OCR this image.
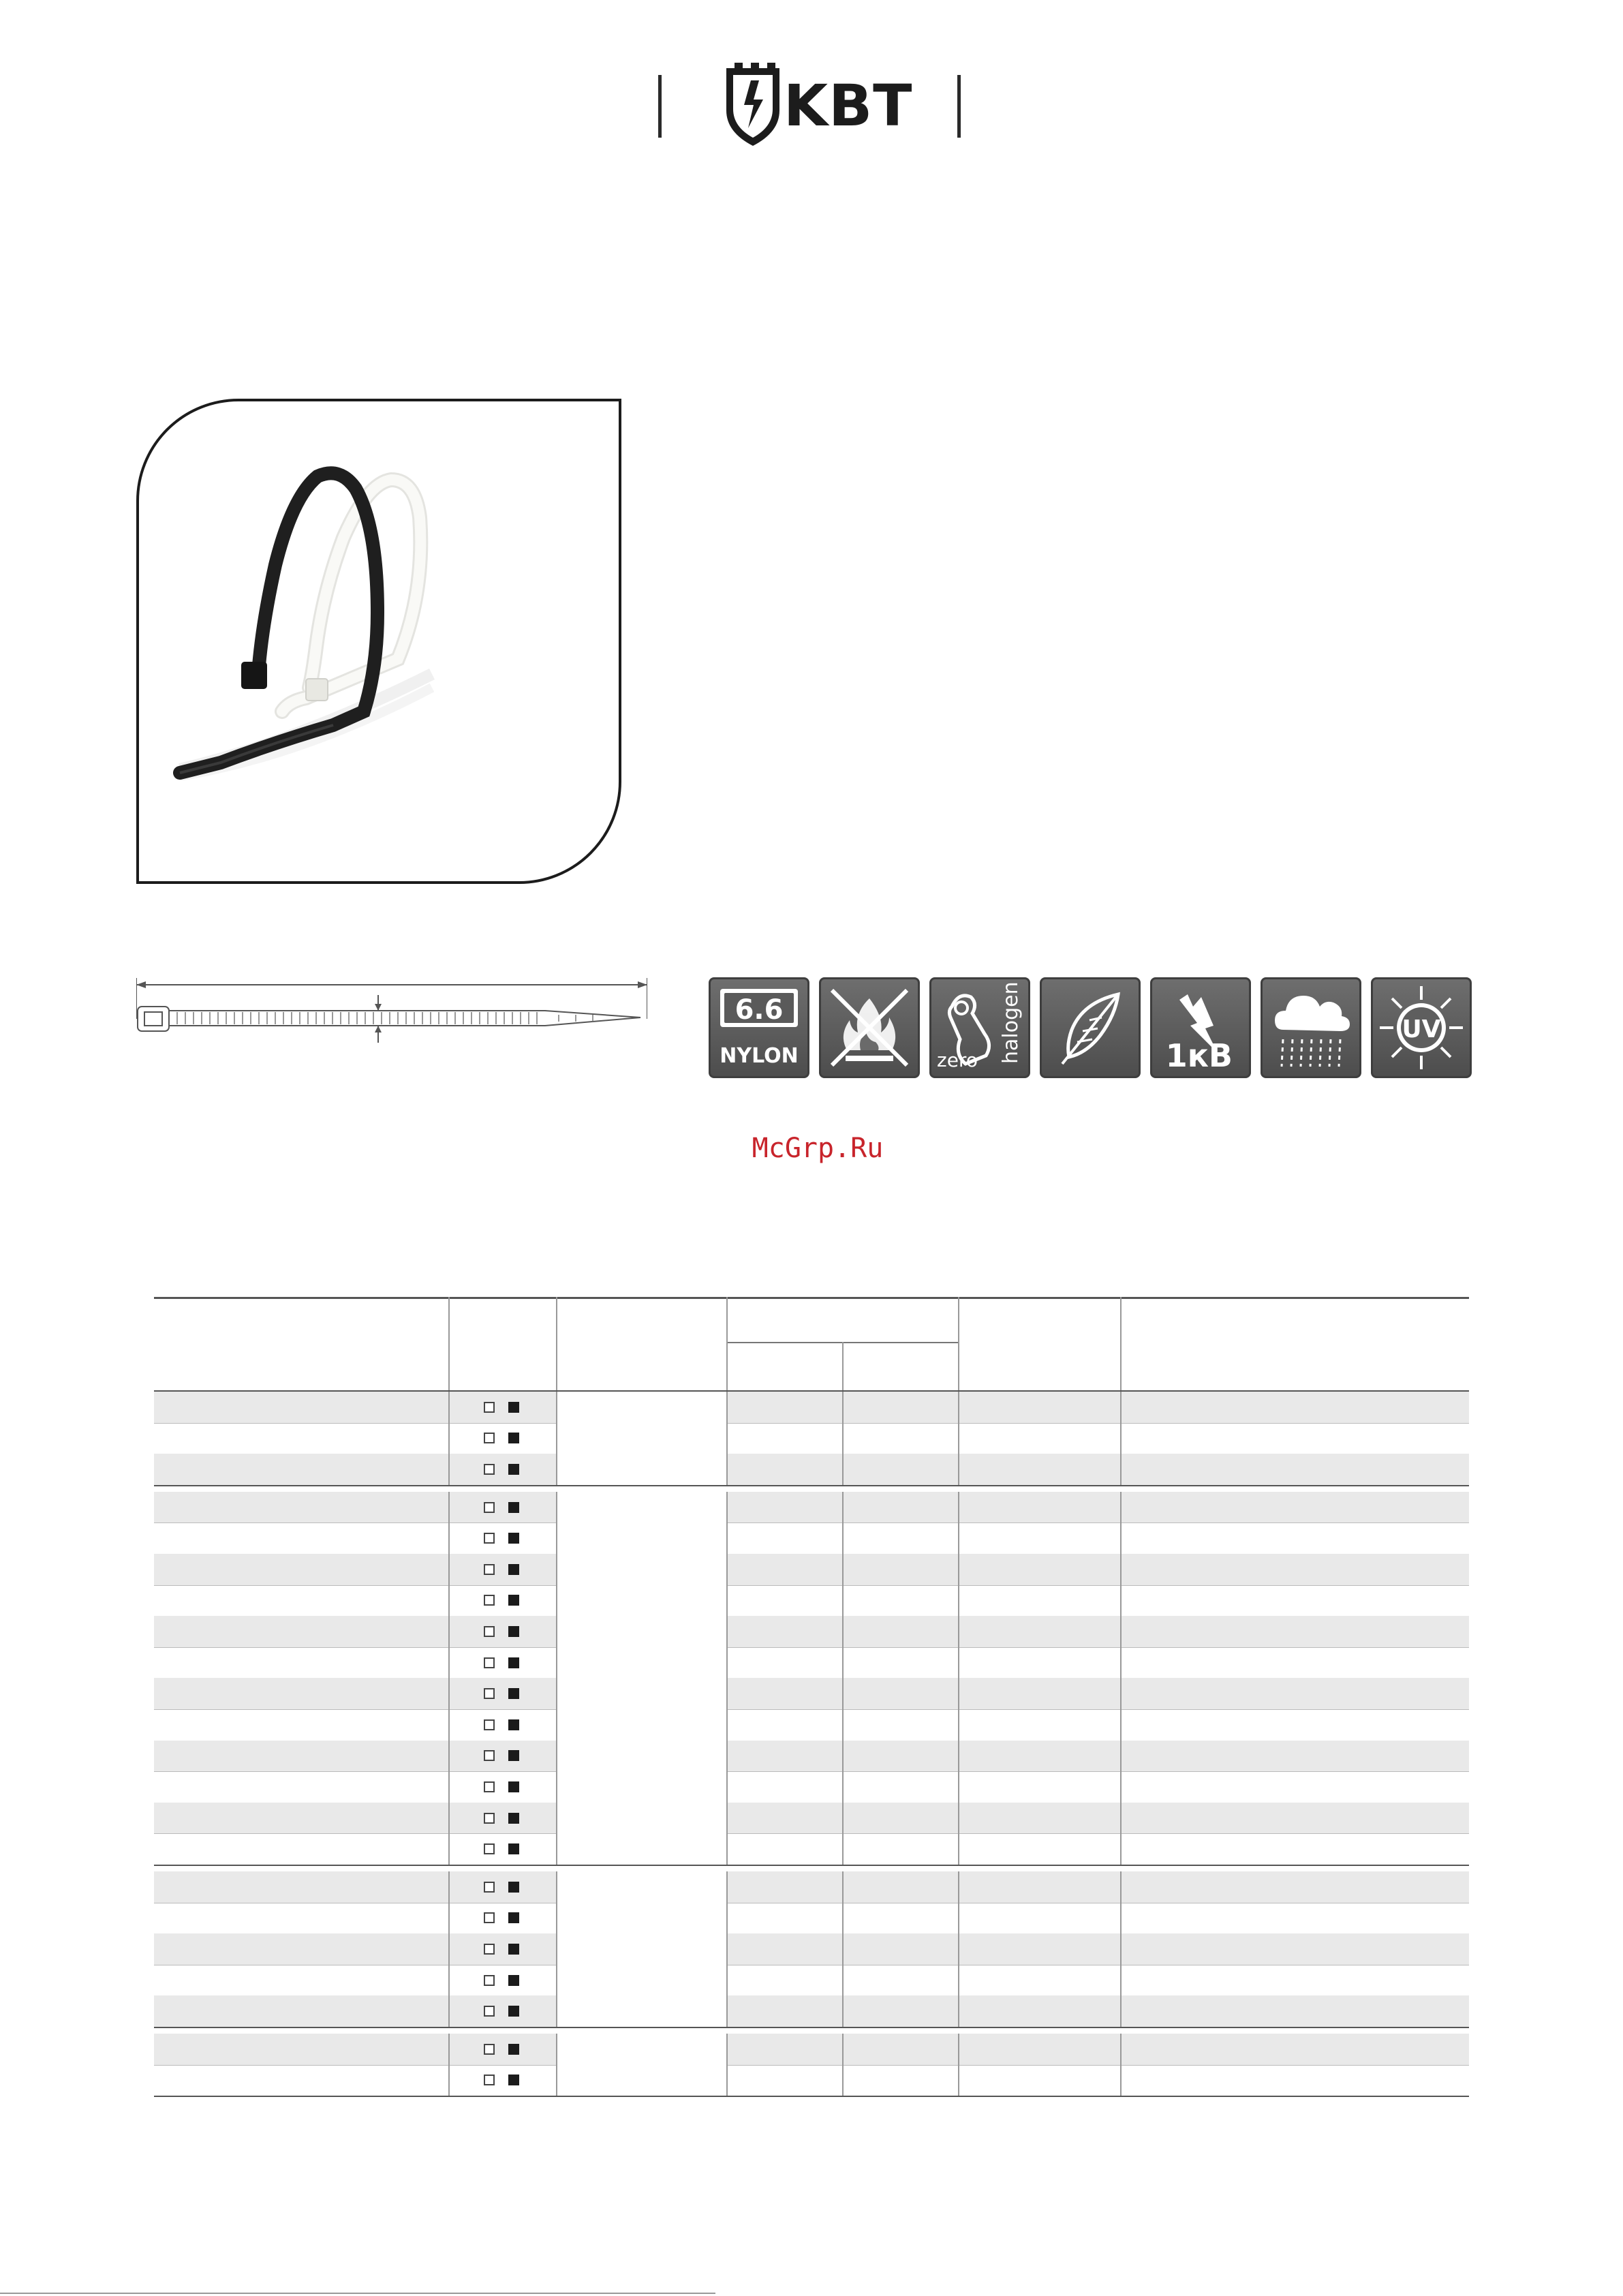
KBT
6.6
NYLON	zero halogen	1кВ
UV
McGrp.Ru
